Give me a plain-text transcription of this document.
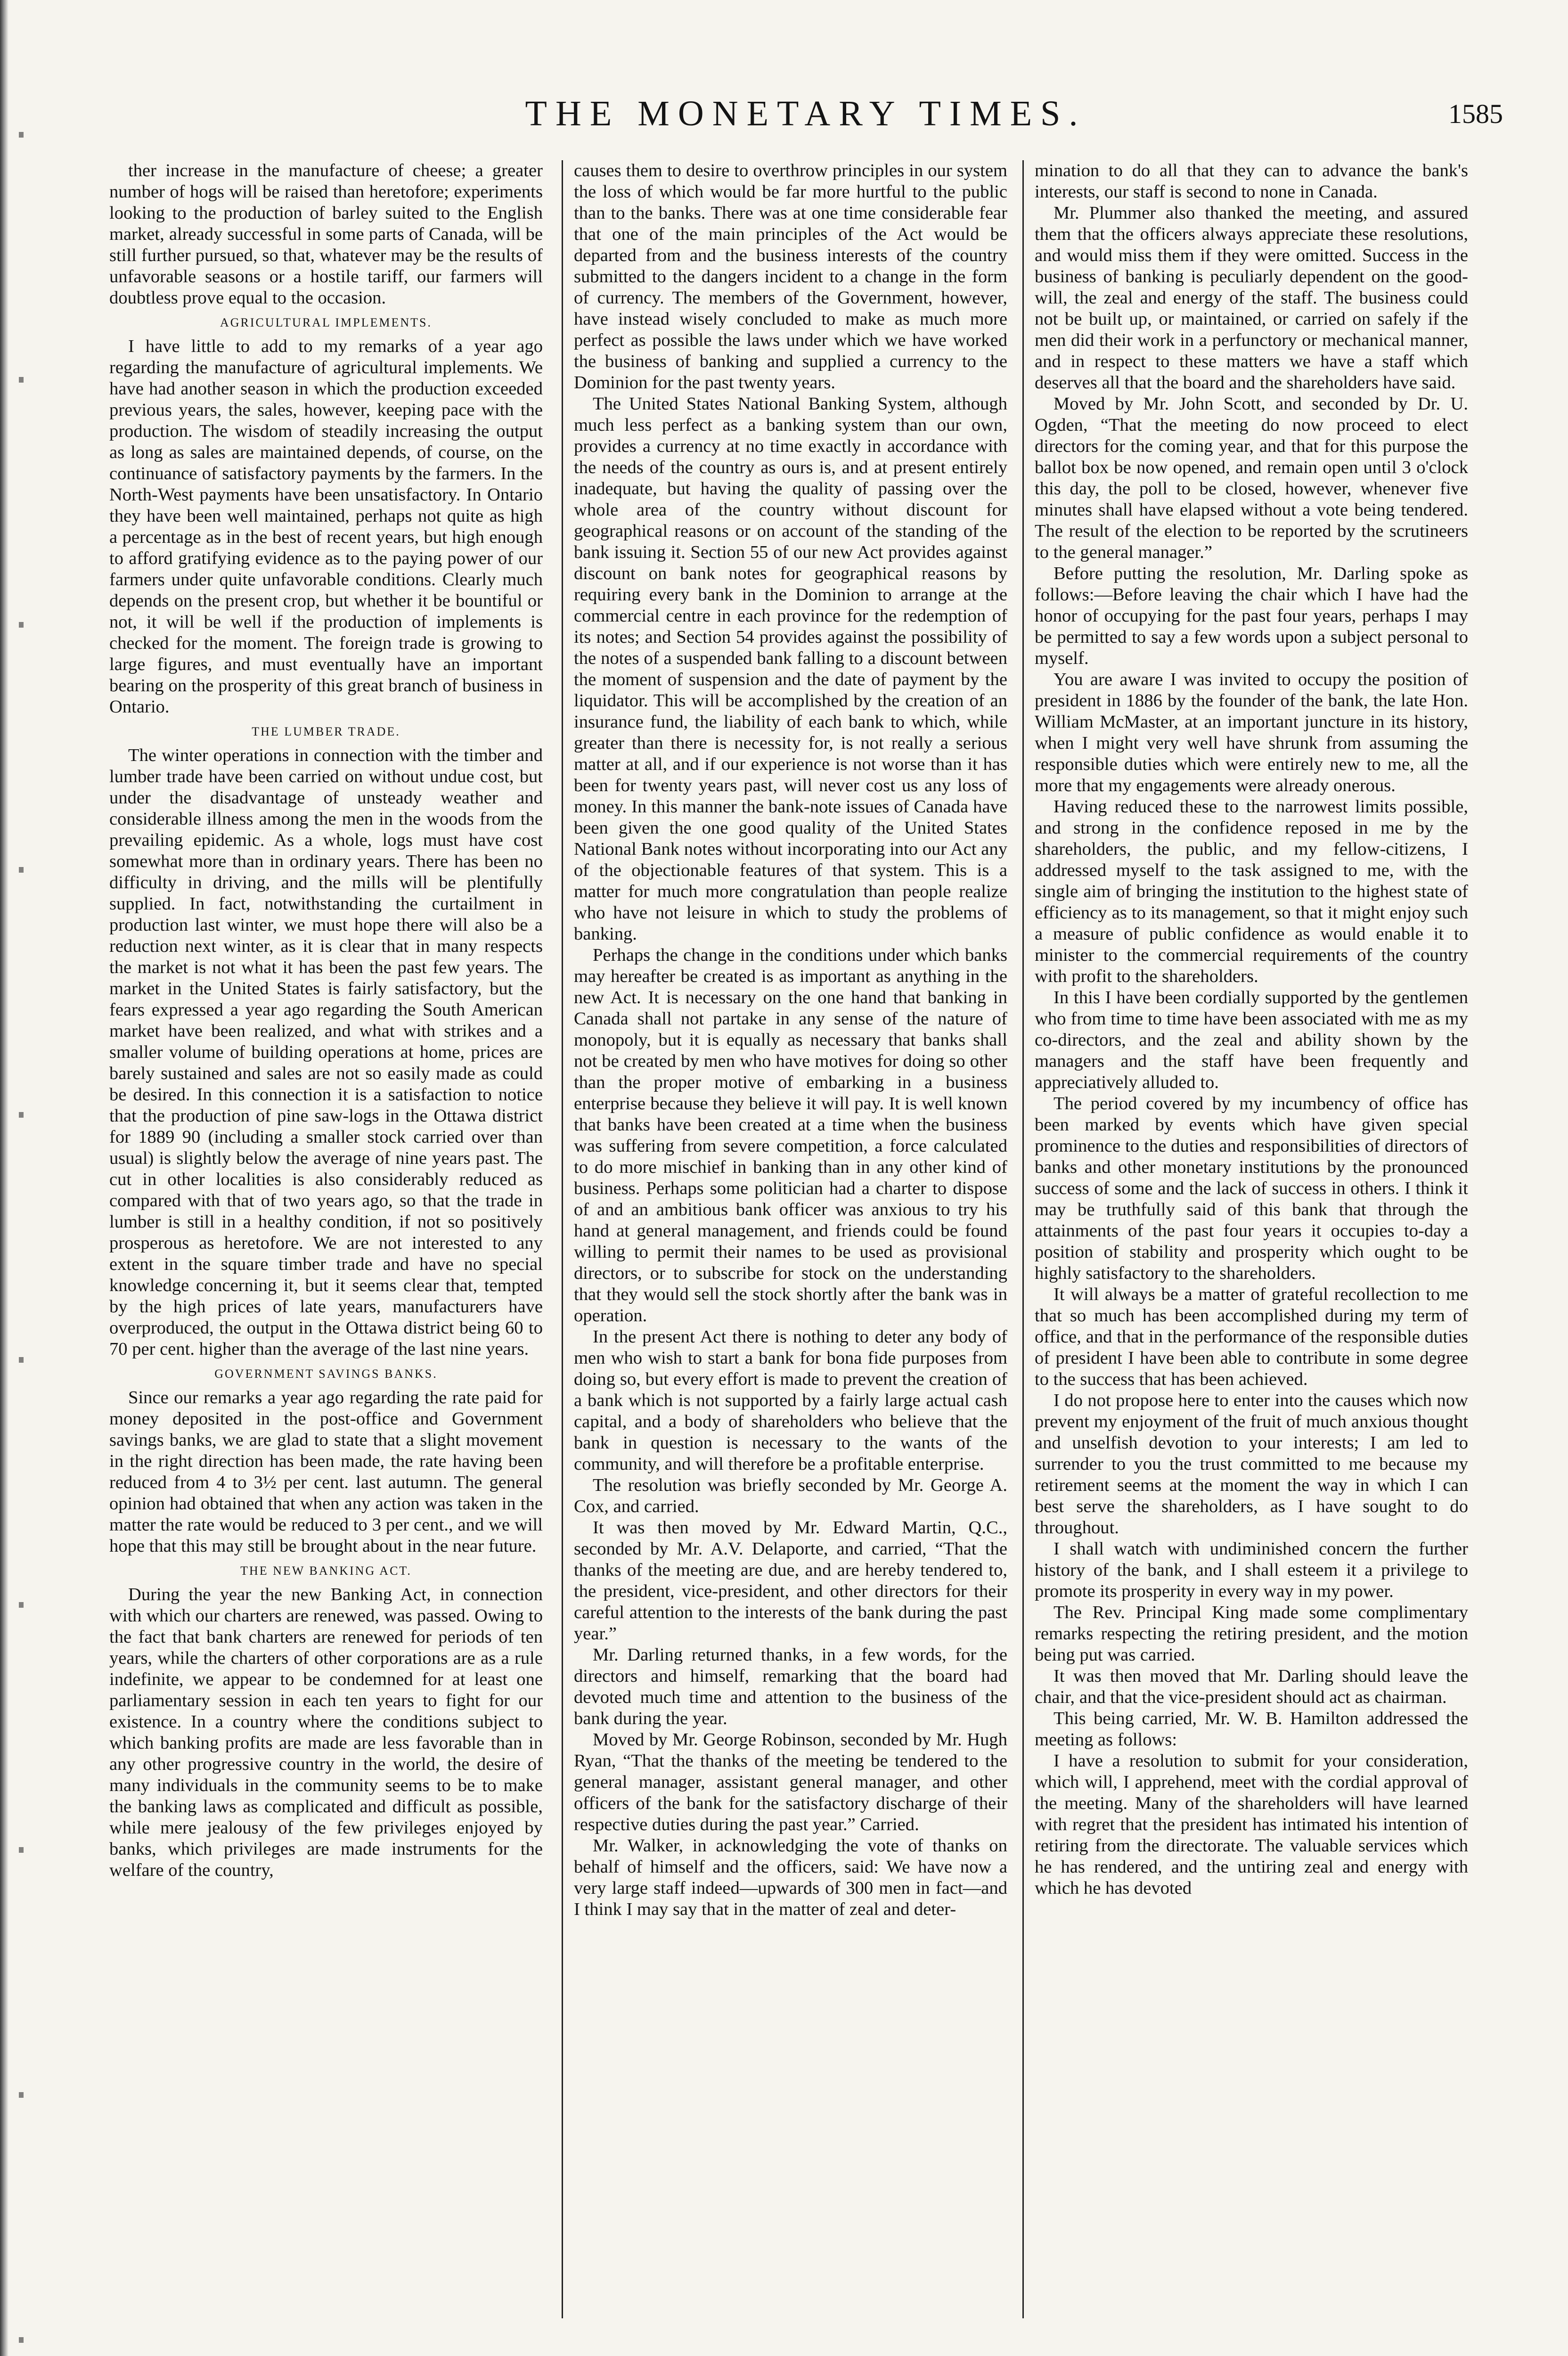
THE MONETARY TIMES.	1585

ther increase in the manufacture of cheese; a greater number of hogs will be raised than heretofore; experiments looking to the production of barley suited to the English market, already successful in some parts of Canada, will be still further pursued, so that, whatever may be the results of unfavorable seasons or a hostile tariff, our farmers will doubtless prove equal to the occasion.

AGRICULTURAL IMPLEMENTS.

I have little to add to my remarks of a year ago regarding the manufacture of agricultural implements. We have had another season in which the production exceeded previous years, the sales, however, keeping pace with the production. The wisdom of steadily increasing the output as long as sales are maintained depends, of course, on the continuance of satisfactory payments by the farmers. In the North-West payments have been unsatisfactory. In Ontario they have been well maintained, perhaps not quite as high a percentage as in the best of recent years, but high enough to afford gratifying evidence as to the paying power of our farmers under quite unfavorable conditions. Clearly much depends on the present crop, but whether it be bountiful or not, it will be well if the production of implements is checked for the moment. The foreign trade is growing to large figures, and must eventually have an important bearing on the prosperity of this great branch of business in Ontario.

THE LUMBER TRADE.

The winter operations in connection with the timber and lumber trade have been carried on without undue cost, but under the disadvantage of unsteady weather and considerable illness among the men in the woods from the prevailing epidemic. As a whole, logs must have cost somewhat more than in ordinary years. There has been no difficulty in driving, and the mills will be plentifully supplied. In fact, notwithstanding the curtailment in production last winter, we must hope there will also be a reduction next winter, as it is clear that in many respects the market is not what it has been the past few years. The market in the United States is fairly satisfactory, but the fears expressed a year ago regarding the South American market have been realized, and what with strikes and a smaller volume of building operations at home, prices are barely sustained and sales are not so easily made as could be desired. In this connection it is a satisfaction to notice that the production of pine saw-logs in the Ottawa district for 1889 90 (including a smaller stock carried over than usual) is slightly below the average of nine years past. The cut in other localities is also considerably reduced as compared with that of two years ago, so that the trade in lumber is still in a healthy condition, if not so positively prosperous as heretofore. We are not interested to any extent in the square timber trade and have no special knowledge concerning it, but it seems clear that, tempted by the high prices of late years, manufacturers have overproduced, the output in the Ottawa district being 60 to 70 per cent. higher than the average of the last nine years.

GOVERNMENT SAVINGS BANKS.

Since our remarks a year ago regarding the rate paid for money deposited in the post-office and Government savings banks, we are glad to state that a slight movement in the right direction has been made, the rate having been reduced from 4 to 3½ per cent. last autumn. The general opinion had obtained that when any action was taken in the matter the rate would be reduced to 3 per cent., and we will hope that this may still be brought about in the near future.

THE NEW BANKING ACT.

During the year the new Banking Act, in connection with which our charters are renewed, was passed. Owing to the fact that bank charters are renewed for periods of ten years, while the charters of other corporations are as a rule indefinite, we appear to be condemned for at least one parliamentary session in each ten years to fight for our existence. In a country where the conditions subject to which banking profits are made are less favorable than in any other progressive country in the world, the desire of many individuals in the community seems to be to make the banking laws as complicated and difficult as possible, while mere jealousy of the few privileges enjoyed by banks, which privileges are made instruments for the welfare of the country,

causes them to desire to overthrow principles in our system the loss of which would be far more hurtful to the public than to the banks. There was at one time considerable fear that one of the main principles of the Act would be departed from and the business interests of the country submitted to the dangers incident to a change in the form of currency. The members of the Government, however, have instead wisely concluded to make as much more perfect as possible the laws under which we have worked the business of banking and supplied a currency to the Dominion for the past twenty years.

The United States National Banking System, although much less perfect as a banking system than our own, provides a currency at no time exactly in accordance with the needs of the country as ours is, and at present entirely inadequate, but having the quality of passing over the whole area of the country without discount for geographical reasons or on account of the standing of the bank issuing it. Section 55 of our new Act provides against discount on bank notes for geographical reasons by requiring every bank in the Dominion to arrange at the commercial centre in each province for the redemption of its notes; and Section 54 provides against the possibility of the notes of a suspended bank falling to a discount between the moment of suspension and the date of payment by the liquidator. This will be accomplished by the creation of an insurance fund, the liability of each bank to which, while greater than there is necessity for, is not really a serious matter at all, and if our experience is not worse than it has been for twenty years past, will never cost us any loss of money. In this manner the bank-note issues of Canada have been given the one good quality of the United States National Bank notes without incorporating into our Act any of the objectionable features of that system. This is a matter for much more congratulation than people realize who have not leisure in which to study the problems of banking.

Perhaps the change in the conditions under which banks may hereafter be created is as important as anything in the new Act. It is necessary on the one hand that banking in Canada shall not partake in any sense of the nature of monopoly, but it is equally as necessary that banks shall not be created by men who have motives for doing so other than the proper motive of embarking in a business enterprise because they believe it will pay. It is well known that banks have been created at a time when the business was suffering from severe competition, a force calculated to do more mischief in banking than in any other kind of business. Perhaps some politician had a charter to dispose of and an ambitious bank officer was anxious to try his hand at general management, and friends could be found willing to permit their names to be used as provisional directors, or to subscribe for stock on the understanding that they would sell the stock shortly after the bank was in operation.

In the present Act there is nothing to deter any body of men who wish to start a bank for bona fide purposes from doing so, but every effort is made to prevent the creation of a bank which is not supported by a fairly large actual cash capital, and a body of shareholders who believe that the bank in question is necessary to the wants of the community, and will therefore be a profitable enterprise.

The resolution was briefly seconded by Mr. George A. Cox, and carried.

It was then moved by Mr. Edward Martin, Q.C., seconded by Mr. A.V. Delaporte, and carried, “That the thanks of the meeting are due, and are hereby tendered to, the president, vice-president, and other directors for their careful attention to the interests of the bank during the past year.”

Mr. Darling returned thanks, in a few words, for the directors and himself, remarking that the board had devoted much time and attention to the business of the bank during the year.

Moved by Mr. George Robinson, seconded by Mr. Hugh Ryan, “That the thanks of the meeting be tendered to the general manager, assistant general manager, and other officers of the bank for the satisfactory discharge of their respective duties during the past year.” Carried.

Mr. Walker, in acknowledging the vote of thanks on behalf of himself and the officers, said: We have now a very large staff indeed—upwards of 300 men in fact—and I think I may say that in the matter of zeal and deter-

mination to do all that they can to advance the bank's interests, our staff is second to none in Canada.

Mr. Plummer also thanked the meeting, and assured them that the officers always appreciate these resolutions, and would miss them if they were omitted. Success in the business of banking is peculiarly dependent on the good-will, the zeal and energy of the staff. The business could not be built up, or maintained, or carried on safely if the men did their work in a perfunctory or mechanical manner, and in respect to these matters we have a staff which deserves all that the board and the shareholders have said.

Moved by Mr. John Scott, and seconded by Dr. U. Ogden, “That the meeting do now proceed to elect directors for the coming year, and that for this purpose the ballot box be now opened, and remain open until 3 o'clock this day, the poll to be closed, however, whenever five minutes shall have elapsed without a vote being tendered. The result of the election to be reported by the scrutineers to the general manager.”

Before putting the resolution, Mr. Darling spoke as follows:—Before leaving the chair which I have had the honor of occupying for the past four years, perhaps I may be permitted to say a few words upon a subject personal to myself.

You are aware I was invited to occupy the position of president in 1886 by the founder of the bank, the late Hon. William McMaster, at an important juncture in its history, when I might very well have shrunk from assuming the responsible duties which were entirely new to me, all the more that my engagements were already onerous.

Having reduced these to the narrowest limits possible, and strong in the confidence reposed in me by the shareholders, the public, and my fellow-citizens, I addressed myself to the task assigned to me, with the single aim of bringing the institution to the highest state of efficiency as to its management, so that it might enjoy such a measure of public confidence as would enable it to minister to the commercial requirements of the country with profit to the shareholders.

In this I have been cordially supported by the gentlemen who from time to time have been associated with me as my co-directors, and the zeal and ability shown by the managers and the staff have been frequently and appreciatively alluded to.

The period covered by my incumbency of office has been marked by events which have given special prominence to the duties and responsibilities of directors of banks and other monetary institutions by the pronounced success of some and the lack of success in others. I think it may be truthfully said of this bank that through the attainments of the past four years it occupies to-day a position of stability and prosperity which ought to be highly satisfactory to the shareholders.

It will always be a matter of grateful recollection to me that so much has been accomplished during my term of office, and that in the performance of the responsible duties of president I have been able to contribute in some degree to the success that has been achieved.

I do not propose here to enter into the causes which now prevent my enjoyment of the fruit of much anxious thought and unselfish devotion to your interests; I am led to surrender to you the trust committed to me because my retirement seems at the moment the way in which I can best serve the shareholders, as I have sought to do throughout.

I shall watch with undiminished concern the further history of the bank, and I shall esteem it a privilege to promote its prosperity in every way in my power.

The Rev. Principal King made some complimentary remarks respecting the retiring president, and the motion being put was carried.

It was then moved that Mr. Darling should leave the chair, and that the vice-president should act as chairman.

This being carried, Mr. W. B. Hamilton addressed the meeting as follows:

I have a resolution to submit for your consideration, which will, I apprehend, meet with the cordial approval of the meeting. Many of the shareholders will have learned with regret that the president has intimated his intention of retiring from the directorate. The valuable services which he has rendered, and the untiring zeal and energy with which he has devoted
